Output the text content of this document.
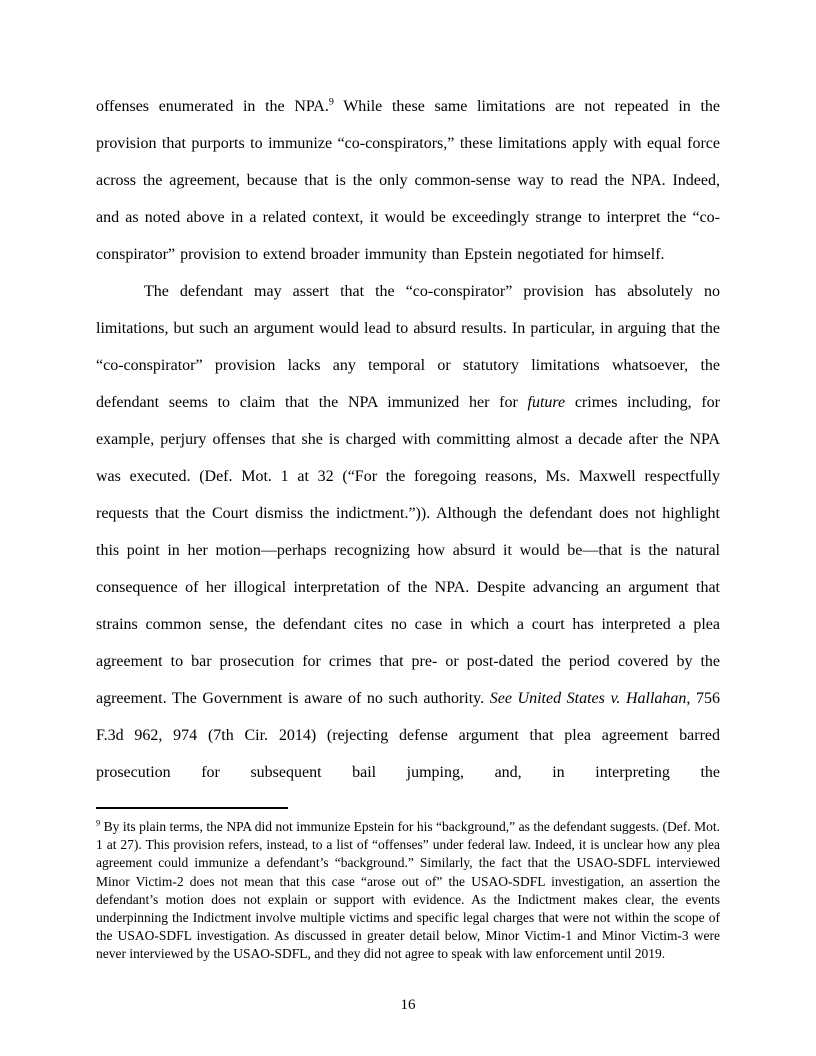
offenses enumerated in the NPA.$^9$ While these same limitations are not repeated in the provision that purports to immunize “co-conspirators,” these limitations apply with equal force across the agreement, because that is the only common-sense way to read the NPA. Indeed, and as noted above in a related context, it would be exceedingly strange to interpret the “co-conspirator” provision to extend broader immunity than Epstein negotiated for himself.

The defendant may assert that the “co-conspirator” provision has absolutely no limitations, but such an argument would lead to absurd results. In particular, in arguing that the “co-conspirator” provision lacks any temporal or statutory limitations whatsoever, the defendant seems to claim that the NPA immunized her for future crimes including, for example, perjury offenses that she is charged with committing almost a decade after the NPA was executed. (Def. Mot. 1 at 32 (“For the foregoing reasons, Ms. Maxwell respectfully requests that the Court dismiss the indictment.”)). Although the defendant does not highlight this point in her motion—perhaps recognizing how absurd it would be—that is the natural consequence of her illogical interpretation of the NPA. Despite advancing an argument that strains common sense, the defendant cites no case in which a court has interpreted a plea agreement to bar prosecution for crimes that pre- or post-dated the period covered by the agreement. The Government is aware of no such authority. See United States v. Hallahan, 756 F.3d 962, 974 (7th Cir. 2014) (rejecting defense argument that plea agreement barred prosecution for subsequent bail jumping, and, in interpreting the

$^9$ By its plain terms, the NPA did not immunize Epstein for his “background,” as the defendant suggests. (Def. Mot. 1 at 27). This provision refers, instead, to a list of “offenses” under federal law. Indeed, it is unclear how any plea agreement could immunize a defendant’s “background.” Similarly, the fact that the USAO-SDFL interviewed Minor Victim-2 does not mean that this case “arose out of” the USAO-SDFL investigation, an assertion the defendant’s motion does not explain or support with evidence. As the Indictment makes clear, the events underpinning the Indictment involve multiple victims and specific legal charges that were not within the scope of the USAO-SDFL investigation. As discussed in greater detail below, Minor Victim-1 and Minor Victim-3 were never interviewed by the USAO-SDFL, and they did not agree to speak with law enforcement until 2019.

16
